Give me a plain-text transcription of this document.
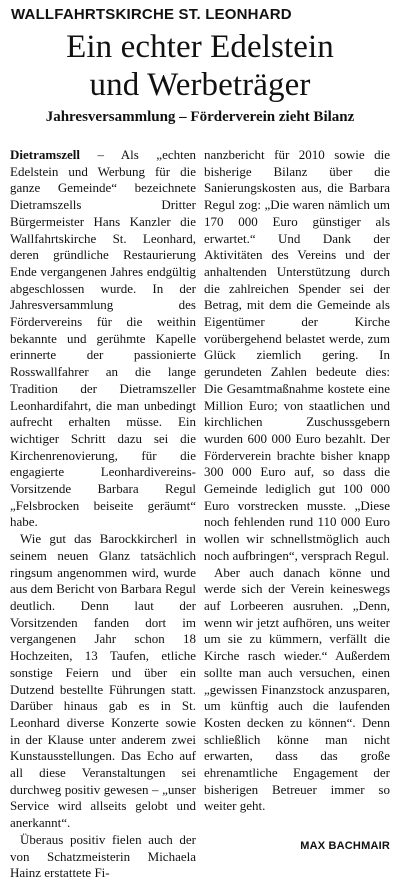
WALLFAHRTSKIRCHE ST. LEONHARD
Ein echter Edelstein
und Werbeträger
Jahresversammlung – Förderverein zieht Bilanz

Dietramszell – Als „echten Edelstein und Werbung für die ganze Gemeinde“ bezeichnete Dietramszells Dritter Bürgermeister Hans Kanzler die Wallfahrtskirche St. Leonhard, deren gründliche Restaurierung Ende vergangenen Jahres endgültig abgeschlossen wurde. In der Jahresversammlung des Fördervereins für die weithin bekannte und gerühmte Kapelle erinnerte der passionierte Rosswallfahrer an die lange Tradition der Dietramszeller Leonhardifahrt, die man unbedingt aufrecht erhalten müsse. Ein wichtiger Schritt dazu sei die Kirchenrenovierung, für die engagierte Leonhardivereins-Vorsitzende Barbara Regul „Felsbrocken beiseite geräumt“ habe.

Wie gut das Barockkircherl in seinem neuen Glanz tatsächlich ringsum angenommen wird, wurde aus dem Bericht von Barbara Regul deutlich. Denn laut der Vorsitzenden fanden dort im vergangenen Jahr schon 18 Hochzeiten, 13 Taufen, etliche sonstige Feiern und über ein Dutzend bestellte Führungen statt. Darüber hinaus gab es in St. Leonhard diverse Konzerte sowie in der Klause unter anderem zwei Kunstausstellungen. Das Echo auf all diese Veranstaltungen sei durchweg positiv gewesen – „unser Service wird allseits gelobt und anerkannt“.

Überaus positiv fielen auch der von Schatzmeisterin Michaela Hainz erstattete Fi-

nanzbericht für 2010 sowie die bisherige Bilanz über die Sanierungskosten aus, die Barbara Regul zog: „Die waren nämlich um 170 000 Euro günstiger als erwartet.“ Und Dank der Aktivitäten des Vereins und der anhaltenden Unterstützung durch die zahlreichen Spender sei der Betrag, mit dem die Gemeinde als Eigentümer der Kirche vorübergehend belastet werde, zum Glück ziemlich gering. In gerundeten Zahlen bedeute dies: Die Gesamtmaßnahme kostete eine Million Euro; von staatlichen und kirchlichen Zuschussgebern wurden 600 000 Euro bezahlt. Der Förderverein brachte bisher knapp 300 000 Euro auf, so dass die Gemeinde lediglich gut 100 000 Euro vorstrecken musste. „Diese noch fehlenden rund 110 000 Euro wollen wir schnellstmöglich auch noch aufbringen“, versprach Regul.

Aber auch danach könne und werde sich der Verein keineswegs auf Lorbeeren ausruhen. „Denn, wenn wir jetzt aufhören, uns weiter um sie zu kümmern, verfällt die Kirche rasch wieder.“ Außerdem sollte man auch versuchen, einen „gewissen Finanzstock anzusparen, um künftig auch die laufenden Kosten decken zu können“. Denn schließlich könne man nicht erwarten, dass das große ehrenamtliche Engagement der bisherigen Betreuer immer so weiter geht.

MAX BACHMAIR
